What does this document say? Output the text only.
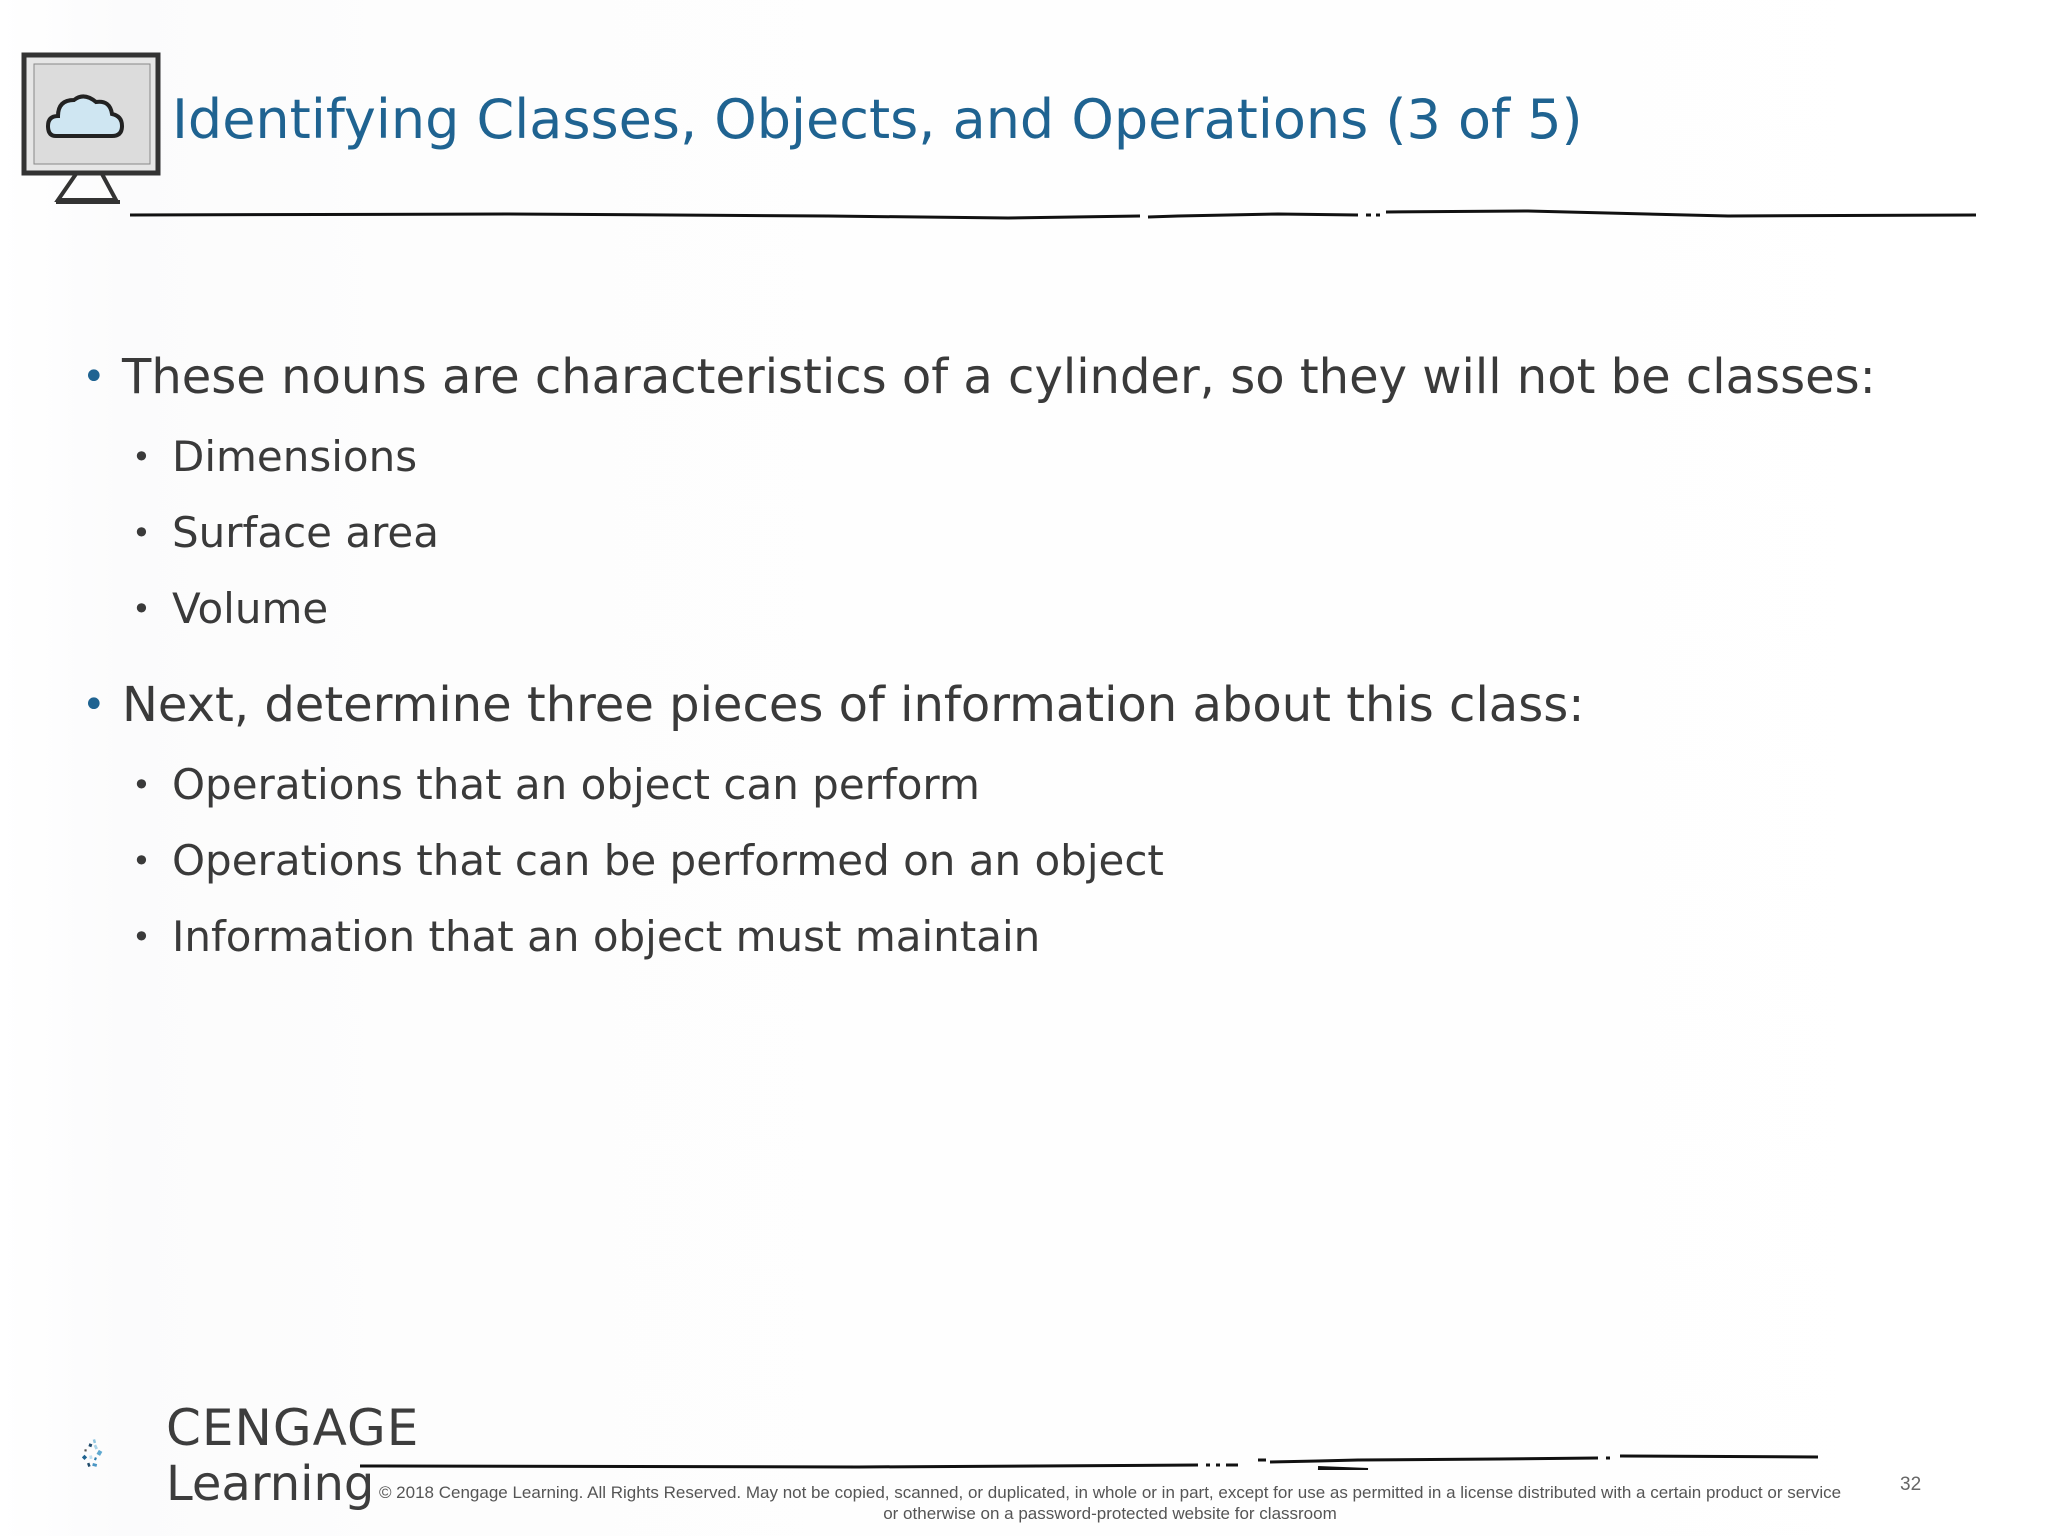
Identifying Classes, Objects, and Operations (3 of 5)
• These nouns are characteristics of a cylinder, so they will not be classes:
• Dimensions
• Surface area
• Volume
• Next, determine three pieces of information about this class:
• Operations that an object can perform
• Operations that can be performed on an object
• Information that an object must maintain
CENGAGE
Learning © 2018 Cengage Learning. All Rights Reserved. May not be copied, scanned, or duplicated, in whole or in part, except for use as permitted in a license distributed with a certain product or service
or otherwise on a password-protected website for classroom
32
